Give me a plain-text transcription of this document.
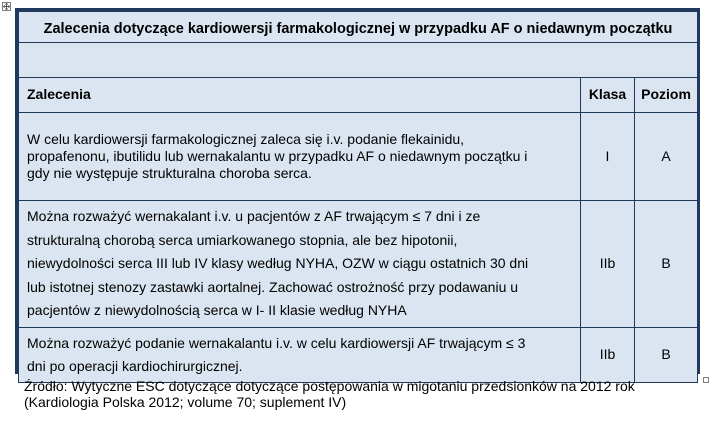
Zalecenia dotyczące kardiowersji farmakologicznej w przypadku AF o niedawnym początku		

Zalecenia	Klasa	Poziom
W celu kardiowersji farmakologicznej zaleca się i.v. podanie flekainidu,
propafenonu, ibutilidu lub wernakalantu w przypadku AF o niedawnym początku i
gdy nie występuje strukturalna choroba serca.	I	A
Można rozważyć wernakalant i.v. u pacjentów z AF trwającym ≤ 7 dni i ze
strukturalną chorobą serca umiarkowanego stopnia, ale bez hipotonii,
niewydolności serca III lub IV klasy według NYHA, OZW w ciągu ostatnich 30 dni
lub istotnej stenozy zastawki aortalnej. Zachować ostrożność przy podawaniu u
pacjentów z niewydolnością serca w I- II klasie według NYHA	IIb	B
Można rozważyć podanie wernakalantu i.v. w celu kardiowersji AF trwającym ≤ 3
dni po operacji kardiochirurgicznej.	IIb	B
Źródło: Wytyczne ESC dotyczące dotyczące postępowania w migotaniu przedsionków na 2012 rok
(Kardiologia Polska 2012; volume 70; suplement IV)
